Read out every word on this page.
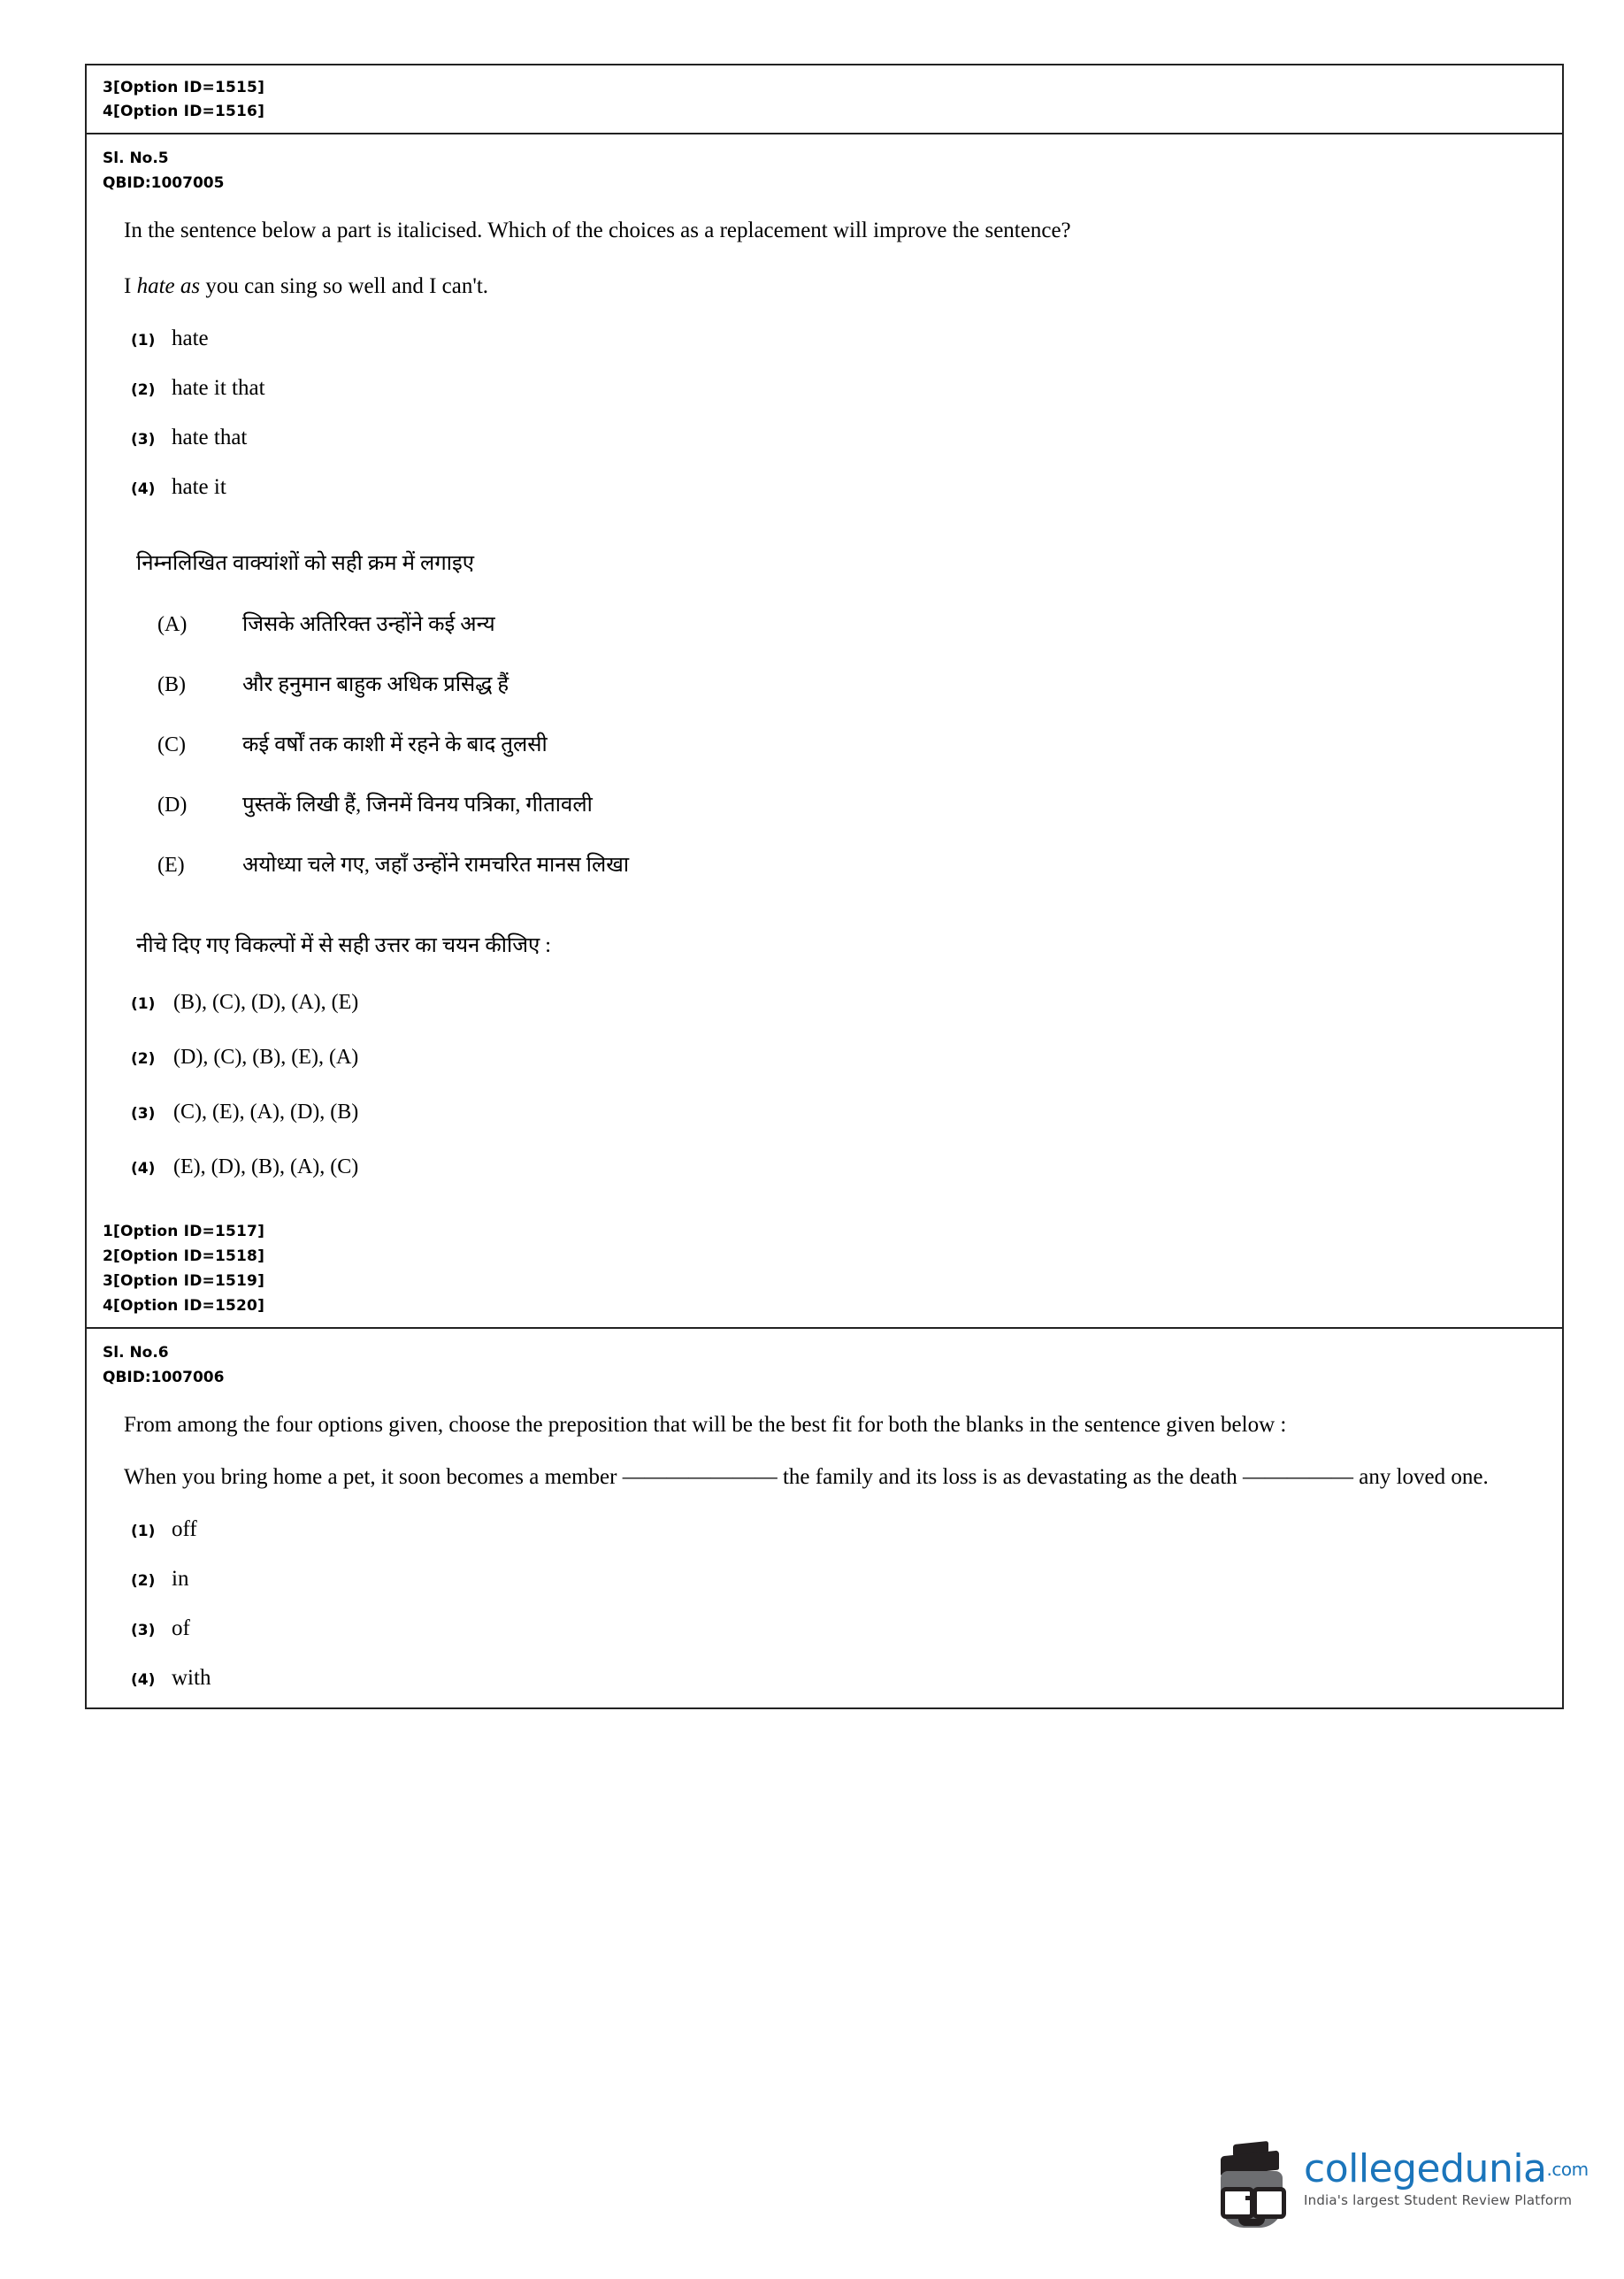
3[Option ID=1515]
4[Option ID=1516]
Sl. No.5
QBID:1007005
In the sentence below a part is italicised. Which of the choices as a replacement will improve the sentence?
I hate as you can sing so well and I can't.
(1) hate
(2) hate it that
(3) hate that
(4) hate it
निम्नलिखित वाक्यांशों को सही क्रम में लगाइए
(A)	जिसके अतिरिक्त उन्होंने कई अन्य
(B)	और हनुमान बाहुक अधिक प्रसिद्ध हैं
(C)	कई वर्षों तक काशी में रहने के बाद तुलसी
(D)	पुस्तकें लिखी हैं, जिनमें विनय पत्रिका, गीतावली
(E)	अयोध्या चले गए, जहाँ उन्होंने रामचरित मानस लिखा
नीचे दिए गए विकल्पों में से सही उत्तर का चयन कीजिए :
(1) (B), (C), (D), (A), (E)
(2) (D), (C), (B), (E), (A)
(3) (C), (E), (A), (D), (B)
(4) (E), (D), (B), (A), (C)
1[Option ID=1517]
2[Option ID=1518]
3[Option ID=1519]
4[Option ID=1520]
Sl. No.6
QBID:1007006
From among the four options given, choose the preposition that will be the best fit for both the blanks in the sentence given below :
When you bring home a pet, it soon becomes a member ——————— the family and its loss is as devastating as the death ————— any loved one.
(1) off
(2) in
(3) of
(4) with
collegedunia$^{.com}$
India's largest Student Review Platform
